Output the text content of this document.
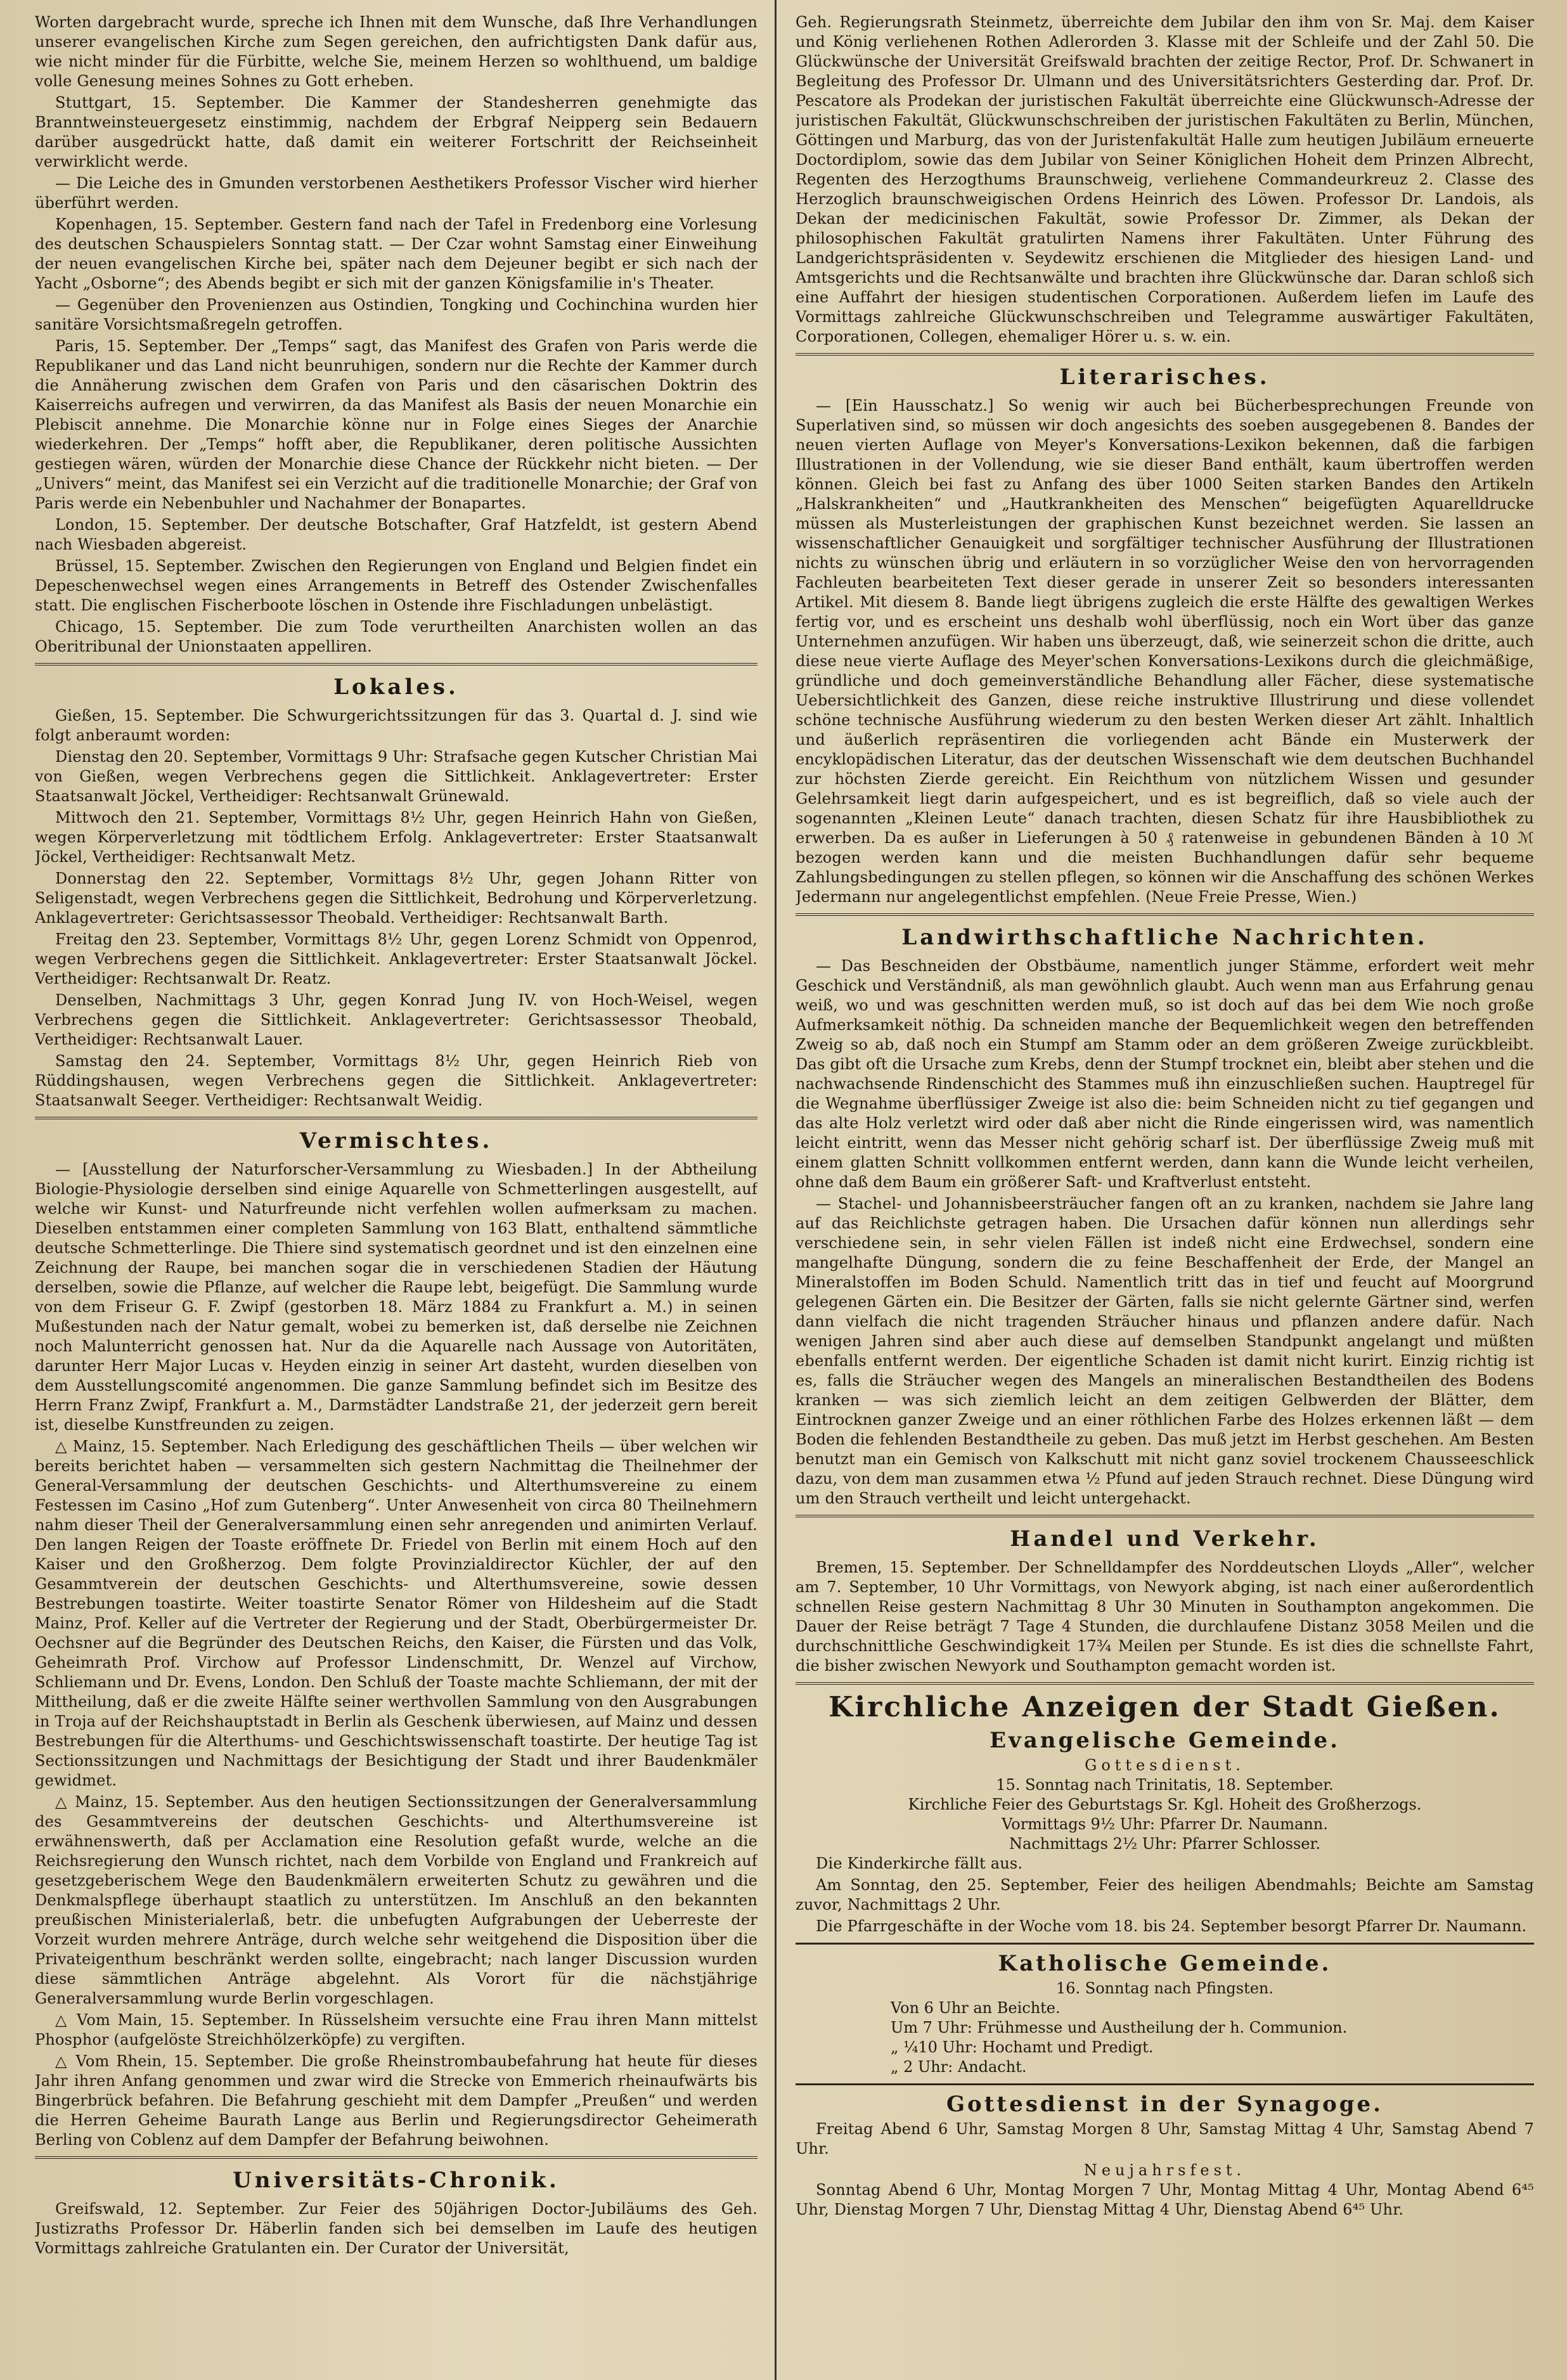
Worten dargebracht wurde, spreche ich Ihnen mit dem Wunsche, daß Ihre Verhandlungen unserer evangelischen Kirche zum Segen gereichen, den aufrichtigsten Dank dafür aus, wie nicht minder für die Fürbitte, welche Sie, meinem Herzen so wohlthuend, um baldige volle Genesung meines Sohnes zu Gott erheben.

Stuttgart, 15. September. Die Kammer der Standesherren genehmigte das Branntweinsteuergesetz einstimmig, nachdem der Erbgraf Neipperg sein Bedauern darüber ausgedrückt hatte, daß damit ein weiterer Fortschritt der Reichseinheit verwirklicht werde.

— Die Leiche des in Gmunden verstorbenen Aesthetikers Professor Vischer wird hierher überführt werden.

Kopenhagen, 15. September. Gestern fand nach der Tafel in Fredenborg eine Vorlesung des deutschen Schauspielers Sonntag statt. — Der Czar wohnt Samstag einer Einweihung der neuen evangelischen Kirche bei, später nach dem Dejeuner begibt er sich nach der Yacht „Osborne“; des Abends begibt er sich mit der ganzen Königsfamilie in's Theater.

— Gegenüber den Provenienzen aus Ostindien, Tongking und Cochinchina wurden hier sanitäre Vorsichtsmaßregeln getroffen.

Paris, 15. September. Der „Temps“ sagt, das Manifest des Grafen von Paris werde die Republikaner und das Land nicht beunruhigen, sondern nur die Rechte der Kammer durch die Annäherung zwischen dem Grafen von Paris und den cäsarischen Doktrin des Kaiserreichs aufregen und verwirren, da das Manifest als Basis der neuen Monarchie ein Plebiscit annehme. Die Monarchie könne nur in Folge eines Sieges der Anarchie wiederkehren. Der „Temps“ hofft aber, die Republikaner, deren politische Aussichten gestiegen wären, würden der Monarchie diese Chance der Rückkehr nicht bieten. — Der „Univers“ meint, das Manifest sei ein Verzicht auf die traditionelle Monarchie; der Graf von Paris werde ein Nebenbuhler und Nachahmer der Bonapartes.

London, 15. September. Der deutsche Botschafter, Graf Hatzfeldt, ist gestern Abend nach Wiesbaden abgereist.

Brüssel, 15. September. Zwischen den Regierungen von England und Belgien findet ein Depeschenwechsel wegen eines Arrangements in Betreff des Ostender Zwischenfalles statt. Die englischen Fischerboote löschen in Ostende ihre Fischladungen unbelästigt.

Chicago, 15. September. Die zum Tode verurtheilten Anarchisten wollen an das Oberitribunal der Unionstaaten appelliren.

Lokales.

Gießen, 15. September. Die Schwurgerichtssitzungen für das 3. Quartal d. J. sind wie folgt anberaumt worden:

Dienstag den 20. September, Vormittags 9 Uhr: Strafsache gegen Kutscher Christian Mai von Gießen, wegen Verbrechens gegen die Sittlichkeit. Anklagevertreter: Erster Staatsanwalt Jöckel, Vertheidiger: Rechtsanwalt Grünewald.

Mittwoch den 21. September, Vormittags 8½ Uhr, gegen Heinrich Hahn von Gießen, wegen Körperverletzung mit tödtlichem Erfolg. Anklagevertreter: Erster Staatsanwalt Jöckel, Vertheidiger: Rechtsanwalt Metz.

Donnerstag den 22. September, Vormittags 8½ Uhr, gegen Johann Ritter von Seligenstadt, wegen Verbrechens gegen die Sittlichkeit, Bedrohung und Körperverletzung. Anklagevertreter: Gerichtsassessor Theobald. Vertheidiger: Rechtsanwalt Barth.

Freitag den 23. September, Vormittags 8½ Uhr, gegen Lorenz Schmidt von Oppenrod, wegen Verbrechens gegen die Sittlichkeit. Anklagevertreter: Erster Staatsanwalt Jöckel. Vertheidiger: Rechtsanwalt Dr. Reatz.

Denselben, Nachmittags 3 Uhr, gegen Konrad Jung IV. von Hoch-Weisel, wegen Verbrechens gegen die Sittlichkeit. Anklagevertreter: Gerichtsassessor Theobald, Vertheidiger: Rechtsanwalt Lauer.

Samstag den 24. September, Vormittags 8½ Uhr, gegen Heinrich Rieb von Rüddingshausen, wegen Verbrechens gegen die Sittlichkeit. Anklagevertreter: Staatsanwalt Seeger. Vertheidiger: Rechtsanwalt Weidig.

Vermischtes.

— [Ausstellung der Naturforscher-Versammlung zu Wiesbaden.] In der Abtheilung Biologie-Physiologie derselben sind einige Aquarelle von Schmetterlingen ausgestellt, auf welche wir Kunst- und Naturfreunde nicht verfehlen wollen aufmerksam zu machen. Dieselben entstammen einer completen Sammlung von 163 Blatt, enthaltend sämmtliche deutsche Schmetterlinge. Die Thiere sind systematisch geordnet und ist den einzelnen eine Zeichnung der Raupe, bei manchen sogar die in verschiedenen Stadien der Häutung derselben, sowie die Pflanze, auf welcher die Raupe lebt, beigefügt. Die Sammlung wurde von dem Friseur G. F. Zwipf (gestorben 18. März 1884 zu Frankfurt a. M.) in seinen Mußestunden nach der Natur gemalt, wobei zu bemerken ist, daß derselbe nie Zeichnen noch Malunterricht genossen hat. Nur da die Aquarelle nach Aussage von Autoritäten, darunter Herr Major Lucas v. Heyden einzig in seiner Art dasteht, wurden dieselben von dem Ausstellungscomité angenommen. Die ganze Sammlung befindet sich im Besitze des Herrn Franz Zwipf, Frankfurt a. M., Darmstädter Landstraße 21, der jederzeit gern bereit ist, dieselbe Kunstfreunden zu zeigen.

△ Mainz, 15. September. Nach Erledigung des geschäftlichen Theils — über welchen wir bereits berichtet haben — versammelten sich gestern Nachmittag die Theilnehmer der General-Versammlung der deutschen Geschichts- und Alterthumsvereine zu einem Festessen im Casino „Hof zum Gutenberg“. Unter Anwesenheit von circa 80 Theilnehmern nahm dieser Theil der Generalversammlung einen sehr anregenden und animirten Verlauf. Den langen Reigen der Toaste eröffnete Dr. Friedel von Berlin mit einem Hoch auf den Kaiser und den Großherzog. Dem folgte Provinzialdirector Küchler, der auf den Gesammtverein der deutschen Geschichts- und Alterthumsvereine, sowie dessen Bestrebungen toastirte. Weiter toastirte Senator Römer von Hildesheim auf die Stadt Mainz, Prof. Keller auf die Vertreter der Regierung und der Stadt, Oberbürgermeister Dr. Oechsner auf die Begründer des Deutschen Reichs, den Kaiser, die Fürsten und das Volk, Geheimrath Prof. Virchow auf Professor Lindenschmitt, Dr. Wenzel auf Virchow, Schliemann und Dr. Evens, London. Den Schluß der Toaste machte Schliemann, der mit der Mittheilung, daß er die zweite Hälfte seiner werthvollen Sammlung von den Ausgrabungen in Troja auf der Reichshauptstadt in Berlin als Geschenk überwiesen, auf Mainz und dessen Bestrebungen für die Alterthums- und Geschichtswissenschaft toastirte. Der heutige Tag ist Sectionssitzungen und Nachmittags der Besichtigung der Stadt und ihrer Baudenkmäler gewidmet.

△ Mainz, 15. September. Aus den heutigen Sectionssitzungen der Generalversammlung des Gesammtvereins der deutschen Geschichts- und Alterthumsvereine ist erwähnenswerth, daß per Acclamation eine Resolution gefaßt wurde, welche an die Reichsregierung den Wunsch richtet, nach dem Vorbilde von England und Frankreich auf gesetzgeberischem Wege den Baudenkmälern erweiterten Schutz zu gewähren und die Denkmalspflege überhaupt staatlich zu unterstützen. Im Anschluß an den bekannten preußischen Ministerialerlaß, betr. die unbefugten Aufgrabungen der Ueberreste der Vorzeit wurden mehrere Anträge, durch welche sehr weitgehend die Disposition über die Privateigenthum beschränkt werden sollte, eingebracht; nach langer Discussion wurden diese sämmtlichen Anträge abgelehnt. Als Vorort für die nächstjährige Generalversammlung wurde Berlin vorgeschlagen.

△ Vom Main, 15. September. In Rüsselsheim versuchte eine Frau ihren Mann mittelst Phosphor (aufgelöste Streichhölzerköpfe) zu vergiften.

△ Vom Rhein, 15. September. Die große Rheinstrombaubefahrung hat heute für dieses Jahr ihren Anfang genommen und zwar wird die Strecke von Emmerich rheinaufwärts bis Bingerbrück befahren. Die Befahrung geschieht mit dem Dampfer „Preußen“ und werden die Herren Geheime Baurath Lange aus Berlin und Regierungsdirector Geheimerath Berling von Coblenz auf dem Dampfer der Befahrung beiwohnen.

Universitäts-Chronik.

Greifswald, 12. September. Zur Feier des 50jährigen Doctor-Jubiläums des Geh. Justizraths Professor Dr. Häberlin fanden sich bei demselben im Laufe des heutigen Vormittags zahlreiche Gratulanten ein. Der Curator der Universität,

Geh. Regierungsrath Steinmetz, überreichte dem Jubilar den ihm von Sr. Maj. dem Kaiser und König verliehenen Rothen Adlerorden 3. Klasse mit der Schleife und der Zahl 50. Die Glückwünsche der Universität Greifswald brachten der zeitige Rector, Prof. Dr. Schwanert in Begleitung des Professor Dr. Ulmann und des Universitätsrichters Gesterding dar. Prof. Dr. Pescatore als Prodekan der juristischen Fakultät überreichte eine Glückwunsch-Adresse der juristischen Fakultät, Glückwunschschreiben der juristischen Fakultäten zu Berlin, München, Göttingen und Marburg, das von der Juristenfakultät Halle zum heutigen Jubiläum erneuerte Doctordiplom, sowie das dem Jubilar von Seiner Königlichen Hoheit dem Prinzen Albrecht, Regenten des Herzogthums Braunschweig, verliehene Commandeurkreuz 2. Classe des Herzoglich braunschweigischen Ordens Heinrich des Löwen. Professor Dr. Landois, als Dekan der medicinischen Fakultät, sowie Professor Dr. Zimmer, als Dekan der philosophischen Fakultät gratulirten Namens ihrer Fakultäten. Unter Führung des Landgerichtspräsidenten v. Seydewitz erschienen die Mitglieder des hiesigen Land- und Amtsgerichts und die Rechtsanwälte und brachten ihre Glückwünsche dar. Daran schloß sich eine Auffahrt der hiesigen studentischen Corporationen. Außerdem liefen im Laufe des Vormittags zahlreiche Glückwunschschreiben und Telegramme auswärtiger Fakultäten, Corporationen, Collegen, ehemaliger Hörer u. s. w. ein.

Literarisches.

— [Ein Hausschatz.] So wenig wir auch bei Bücherbesprechungen Freunde von Superlativen sind, so müssen wir doch angesichts des soeben ausgegebenen 8. Bandes der neuen vierten Auflage von Meyer's Konversations-Lexikon bekennen, daß die farbigen Illustrationen in der Vollendung, wie sie dieser Band enthält, kaum übertroffen werden können. Gleich bei fast zu Anfang des über 1000 Seiten starken Bandes den Artikeln „Halskrankheiten“ und „Hautkrankheiten des Menschen“ beigefügten Aquarelldrucke müssen als Musterleistungen der graphischen Kunst bezeichnet werden. Sie lassen an wissenschaftlicher Genauigkeit und sorgfältiger technischer Ausführung der Illustrationen nichts zu wünschen übrig und erläutern in so vorzüglicher Weise den von hervorragenden Fachleuten bearbeiteten Text dieser gerade in unserer Zeit so besonders interessanten Artikel. Mit diesem 8. Bande liegt übrigens zugleich die erste Hälfte des gewaltigen Werkes fertig vor, und es erscheint uns deshalb wohl überflüssig, noch ein Wort über das ganze Unternehmen anzufügen. Wir haben uns überzeugt, daß, wie seinerzeit schon die dritte, auch diese neue vierte Auflage des Meyer'schen Konversations-Lexikons durch die gleichmäßige, gründliche und doch gemeinverständliche Behandlung aller Fächer, diese systematische Uebersichtlichkeit des Ganzen, diese reiche instruktive Illustrirung und diese vollendet schöne technische Ausführung wiederum zu den besten Werken dieser Art zählt. Inhaltlich und äußerlich repräsentiren die vorliegenden acht Bände ein Musterwerk der encyklopädischen Literatur, das der deutschen Wissenschaft wie dem deutschen Buchhandel zur höchsten Zierde gereicht. Ein Reichthum von nützlichem Wissen und gesunder Gelehrsamkeit liegt darin aufgespeichert, und es ist begreiflich, daß so viele auch der sogenannten „Kleinen Leute“ danach trachten, diesen Schatz für ihre Hausbibliothek zu erwerben. Da es außer in Lieferungen à 50 ₰ ratenweise in gebundenen Bänden à 10 ℳ bezogen werden kann und die meisten Buchhandlungen dafür sehr bequeme Zahlungsbedingungen zu stellen pflegen, so können wir die Anschaffung des schönen Werkes Jedermann nur angelegentlichst empfehlen. (Neue Freie Presse, Wien.)

Landwirthschaftliche Nachrichten.

— Das Beschneiden der Obstbäume, namentlich junger Stämme, erfordert weit mehr Geschick und Verständniß, als man gewöhnlich glaubt. Auch wenn man aus Erfahrung genau weiß, wo und was geschnitten werden muß, so ist doch auf das bei dem Wie noch große Aufmerksamkeit nöthig. Da schneiden manche der Bequemlichkeit wegen den betreffenden Zweig so ab, daß noch ein Stumpf am Stamm oder an dem größeren Zweige zurückbleibt. Das gibt oft die Ursache zum Krebs, denn der Stumpf trocknet ein, bleibt aber stehen und die nachwachsende Rindenschicht des Stammes muß ihn einzuschließen suchen. Hauptregel für die Wegnahme überflüssiger Zweige ist also die: beim Schneiden nicht zu tief gegangen und das alte Holz verletzt wird oder daß aber nicht die Rinde eingerissen wird, was namentlich leicht eintritt, wenn das Messer nicht gehörig scharf ist. Der überflüssige Zweig muß mit einem glatten Schnitt vollkommen entfernt werden, dann kann die Wunde leicht verheilen, ohne daß dem Baum ein größerer Saft- und Kraftverlust entsteht.

— Stachel- und Johannisbeersträucher fangen oft an zu kranken, nachdem sie Jahre lang auf das Reichlichste getragen haben. Die Ursachen dafür können nun allerdings sehr verschiedene sein, in sehr vielen Fällen ist indeß nicht eine Erdwechsel, sondern eine mangelhafte Düngung, sondern die zu feine Beschaffenheit der Erde, der Mangel an Mineralstoffen im Boden Schuld. Namentlich tritt das in tief und feucht auf Moorgrund gelegenen Gärten ein. Die Besitzer der Gärten, falls sie nicht gelernte Gärtner sind, werfen dann vielfach die nicht tragenden Sträucher hinaus und pflanzen andere dafür. Nach wenigen Jahren sind aber auch diese auf demselben Standpunkt angelangt und müßten ebenfalls entfernt werden. Der eigentliche Schaden ist damit nicht kurirt. Einzig richtig ist es, falls die Sträucher wegen des Mangels an mineralischen Bestandtheilen des Bodens kranken — was sich ziemlich leicht an dem zeitigen Gelbwerden der Blätter, dem Eintrocknen ganzer Zweige und an einer röthlichen Farbe des Holzes erkennen läßt — dem Boden die fehlenden Bestandtheile zu geben. Das muß jetzt im Herbst geschehen. Am Besten benutzt man ein Gemisch von Kalkschutt mit nicht ganz soviel trockenem Chausseeschlick dazu, von dem man zusammen etwa ½ Pfund auf jeden Strauch rechnet. Diese Düngung wird um den Strauch vertheilt und leicht untergehackt.

Handel und Verkehr.

Bremen, 15. September. Der Schnelldampfer des Norddeutschen Lloyds „Aller“, welcher am 7. September, 10 Uhr Vormittags, von Newyork abging, ist nach einer außerordentlich schnellen Reise gestern Nachmittag 8 Uhr 30 Minuten in Southampton angekommen. Die Dauer der Reise beträgt 7 Tage 4 Stunden, die durchlaufene Distanz 3058 Meilen und die durchschnittliche Geschwindigkeit 17¾ Meilen per Stunde. Es ist dies die schnellste Fahrt, die bisher zwischen Newyork und Southampton gemacht worden ist.

Kirchliche Anzeigen der Stadt Gießen.
Evangelische Gemeinde.

Gottesdienst.

15. Sonntag nach Trinitatis, 18. September.

Kirchliche Feier des Geburtstags Sr. Kgl. Hoheit des Großherzogs.

Vormittags 9½ Uhr: Pfarrer Dr. Naumann.

Nachmittags 2½ Uhr: Pfarrer Schlosser.

Die Kinderkirche fällt aus.

Am Sonntag, den 25. September, Feier des heiligen Abendmahls; Beichte am Samstag zuvor, Nachmittags 2 Uhr.

Die Pfarrgeschäfte in der Woche vom 18. bis 24. September besorgt Pfarrer Dr. Naumann.

Katholische Gemeinde.

16. Sonntag nach Pfingsten.

Von 6 Uhr an Beichte.

Um 7 Uhr: Frühmesse und Austheilung der h. Communion.

„ ¼10 Uhr: Hochamt und Predigt.

„ 2 Uhr: Andacht.

Gottesdienst in der Synagoge.

Freitag Abend 6 Uhr, Samstag Morgen 8 Uhr, Samstag Mittag 4 Uhr, Samstag Abend 7 Uhr.

Neujahrsfest.

Sonntag Abend 6 Uhr, Montag Morgen 7 Uhr, Montag Mittag 4 Uhr, Montag Abend 6⁴⁵ Uhr, Dienstag Morgen 7 Uhr, Dienstag Mittag 4 Uhr, Dienstag Abend 6⁴⁵ Uhr.
